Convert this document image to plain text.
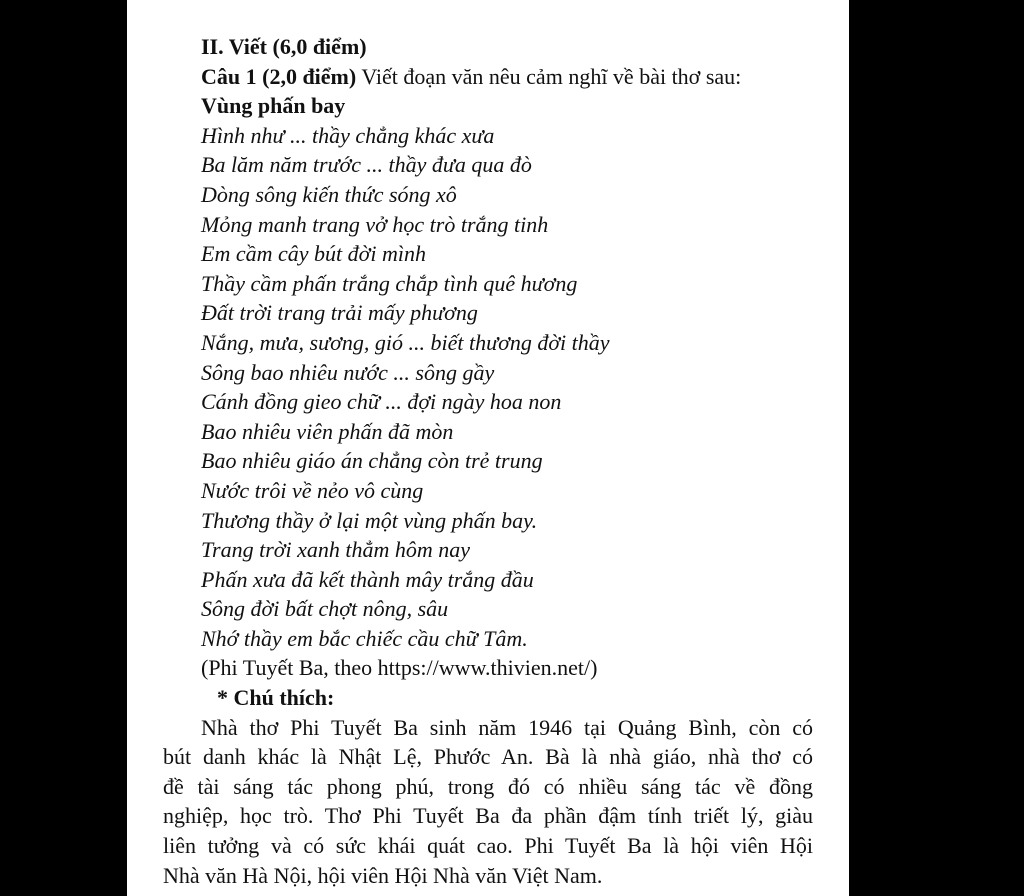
II. Viết (6,0 điểm)
Câu 1 (2,0 điểm) Viết đoạn văn nêu cảm nghĩ về bài thơ sau:
Vùng phấn bay
Hình như ... thầy chẳng khác xưa
Ba lăm năm trước ... thầy đưa qua đò
Dòng sông kiến thức sóng xô
Mỏng manh trang vở học trò trắng tinh
Em cầm cây bút đời mình
Thầy cầm phấn trắng chắp tình quê hương
Đất trời trang trải mấy phương
Nắng, mưa, sương, gió ... biết thương đời thầy
Sông bao nhiêu nước ... sông gầy
Cánh đồng gieo chữ ... đợi ngày hoa non
Bao nhiêu viên phấn đã mòn
Bao nhiêu giáo án chẳng còn trẻ trung
Nước trôi về nẻo vô cùng
Thương thầy ở lại một vùng phấn bay.
Trang trời xanh thẳm hôm nay
Phấn xưa đã kết thành mây trắng đầu
Sông đời bất chợt nông, sâu
Nhớ thầy em bắc chiếc cầu chữ Tâm.
(Phi Tuyết Ba, theo https://www.thivien.net/)
* Chú thích:
Nhà thơ Phi Tuyết Ba sinh năm 1946 tại Quảng Bình, còn có
bút danh khác là Nhật Lệ, Phước An. Bà là nhà giáo, nhà thơ có
đề tài sáng tác phong phú, trong đó có nhiều sáng tác về đồng
nghiệp, học trò. Thơ Phi Tuyết Ba đa phần đậm tính triết lý, giàu
liên tưởng và có sức khái quát cao. Phi Tuyết Ba là hội viên Hội
Nhà văn Hà Nội, hội viên Hội Nhà văn Việt Nam.
